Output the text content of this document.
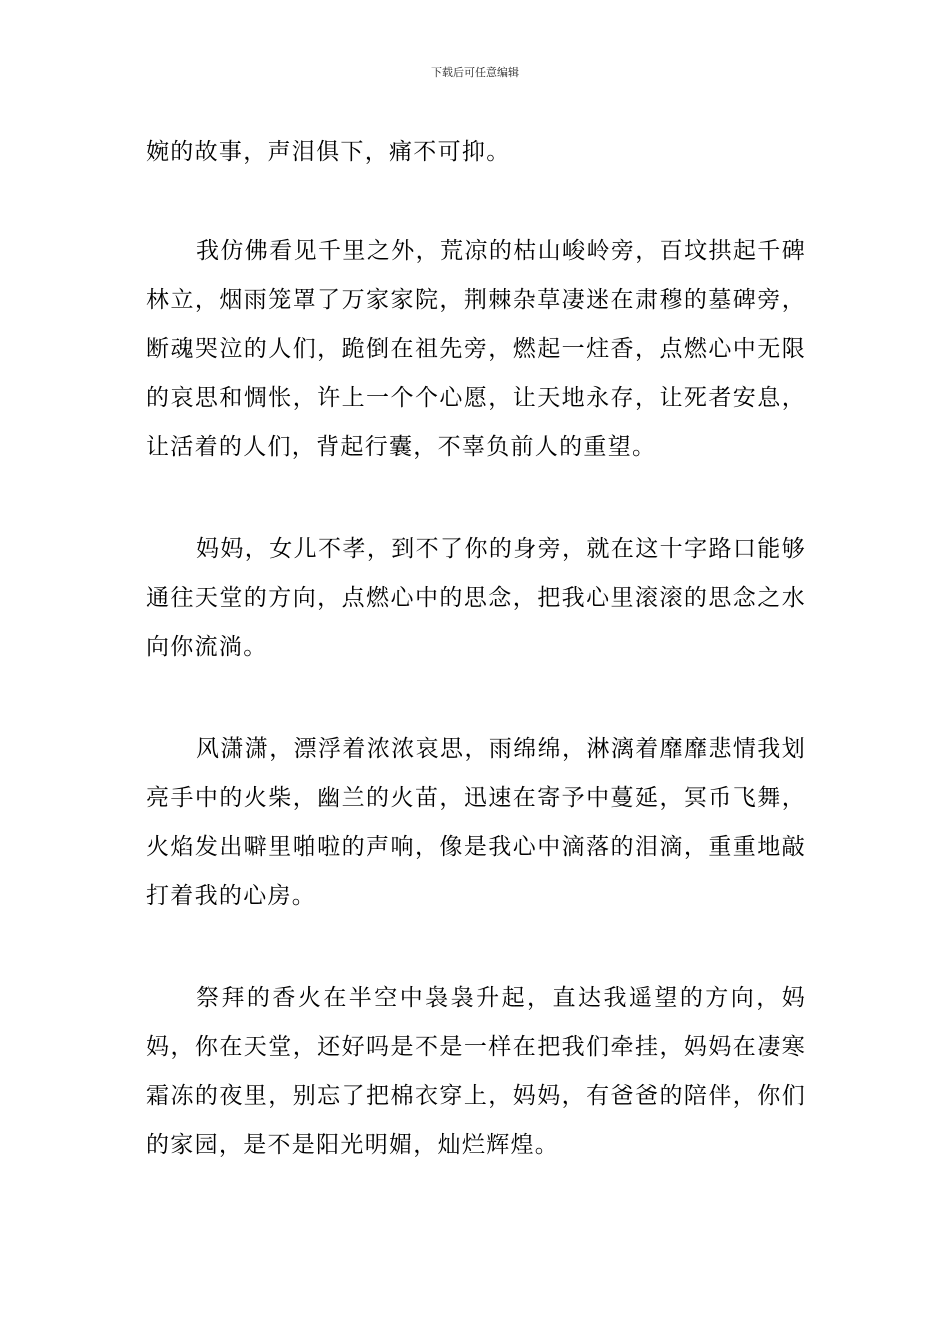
下载后可任意编辑

婉的故事，声泪俱下，痛不可抑。

我仿佛看见千里之外，荒凉的枯山峻岭旁，百坟拱起千碑林立，烟雨笼罩了万家家院，荆棘杂草凄迷在肃穆的墓碑旁，断魂哭泣的人们，跪倒在祖先旁，燃起一炷香，点燃心中无限的哀思和惆怅，许上一个个心愿，让天地永存，让死者安息，让活着的人们，背起行囊，不辜负前人的重望。

妈妈，女儿不孝，到不了你的身旁，就在这十字路口能够通往天堂的方向，点燃心中的思念，把我心里滚滚的思念之水向你流淌。

风潇潇，漂浮着浓浓哀思，雨绵绵，淋漓着靡靡悲情我划亮手中的火柴，幽兰的火苗，迅速在寄予中蔓延，冥币飞舞，火焰发出噼里啪啦的声响，像是我心中滴落的泪滴，重重地敲打着我的心房。

祭拜的香火在半空中袅袅升起，直达我遥望的方向，妈妈，你在天堂，还好吗是不是一样在把我们牵挂，妈妈在凄寒霜冻的夜里，别忘了把棉衣穿上，妈妈，有爸爸的陪伴，你们的家园，是不是阳光明媚，灿烂辉煌。
